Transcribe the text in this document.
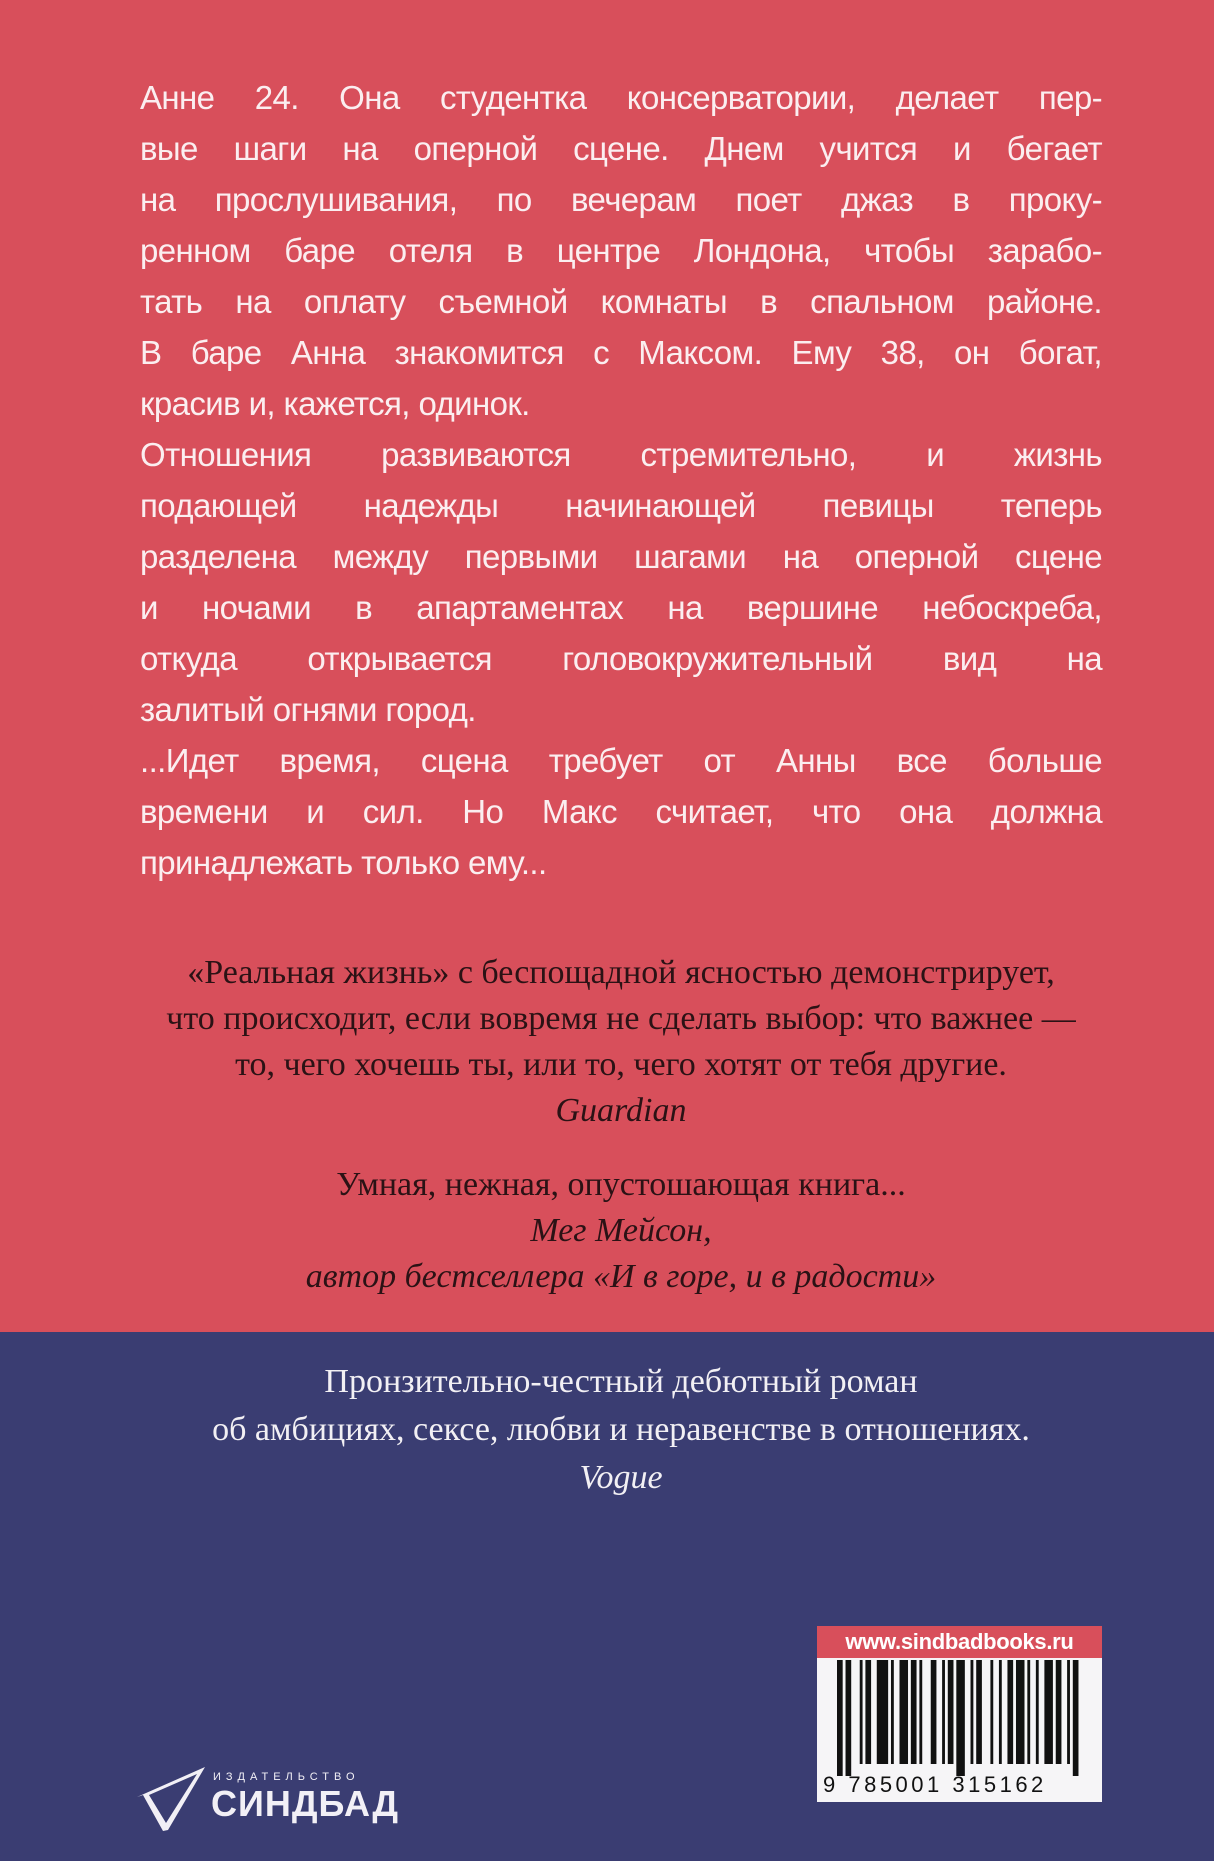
Анне 24. Она студентка консерватории, делает пер-
вые шаги на оперной сцене. Днем учится и бегает
на прослушивания, по вечерам поет джаз в проку-
ренном баре отеля в центре Лондона, чтобы зарабо-
тать на оплату съемной комнаты в спальном районе.
В баре Анна знакомится с Максом. Ему 38, он богат,
красив и, кажется, одинок.
Отношения развиваются стремительно, и жизнь
подающей надежды начинающей певицы теперь
разделена между первыми шагами на оперной сцене
и ночами в апартаментах на вершине небоскреба,
откуда открывается головокружительный вид на
залитый огнями город.
...Идет время, сцена требует от Анны все больше
времени и сил. Но Макс считает, что она должна
принадлежать только ему...
«Реальная жизнь» с беспощадной ясностью демонстрирует,
что происходит, если вовремя не сделать выбор: что важнее —
то, чего хочешь ты, или то, чего хотят от тебя другие.
Guardian
Умная, нежная, опустошающая книга...
Мег Мейсон,
автор бестселлера «И в горе, и в радости»
Пронзительно-честный дебютный роман
об амбициях, сексе, любви и неравенстве в отношениях.
Vogue
ИЗДАТЕЛЬСТВО
СИНДБАД
www.sindbadbooks.ru
9 785001 315162
